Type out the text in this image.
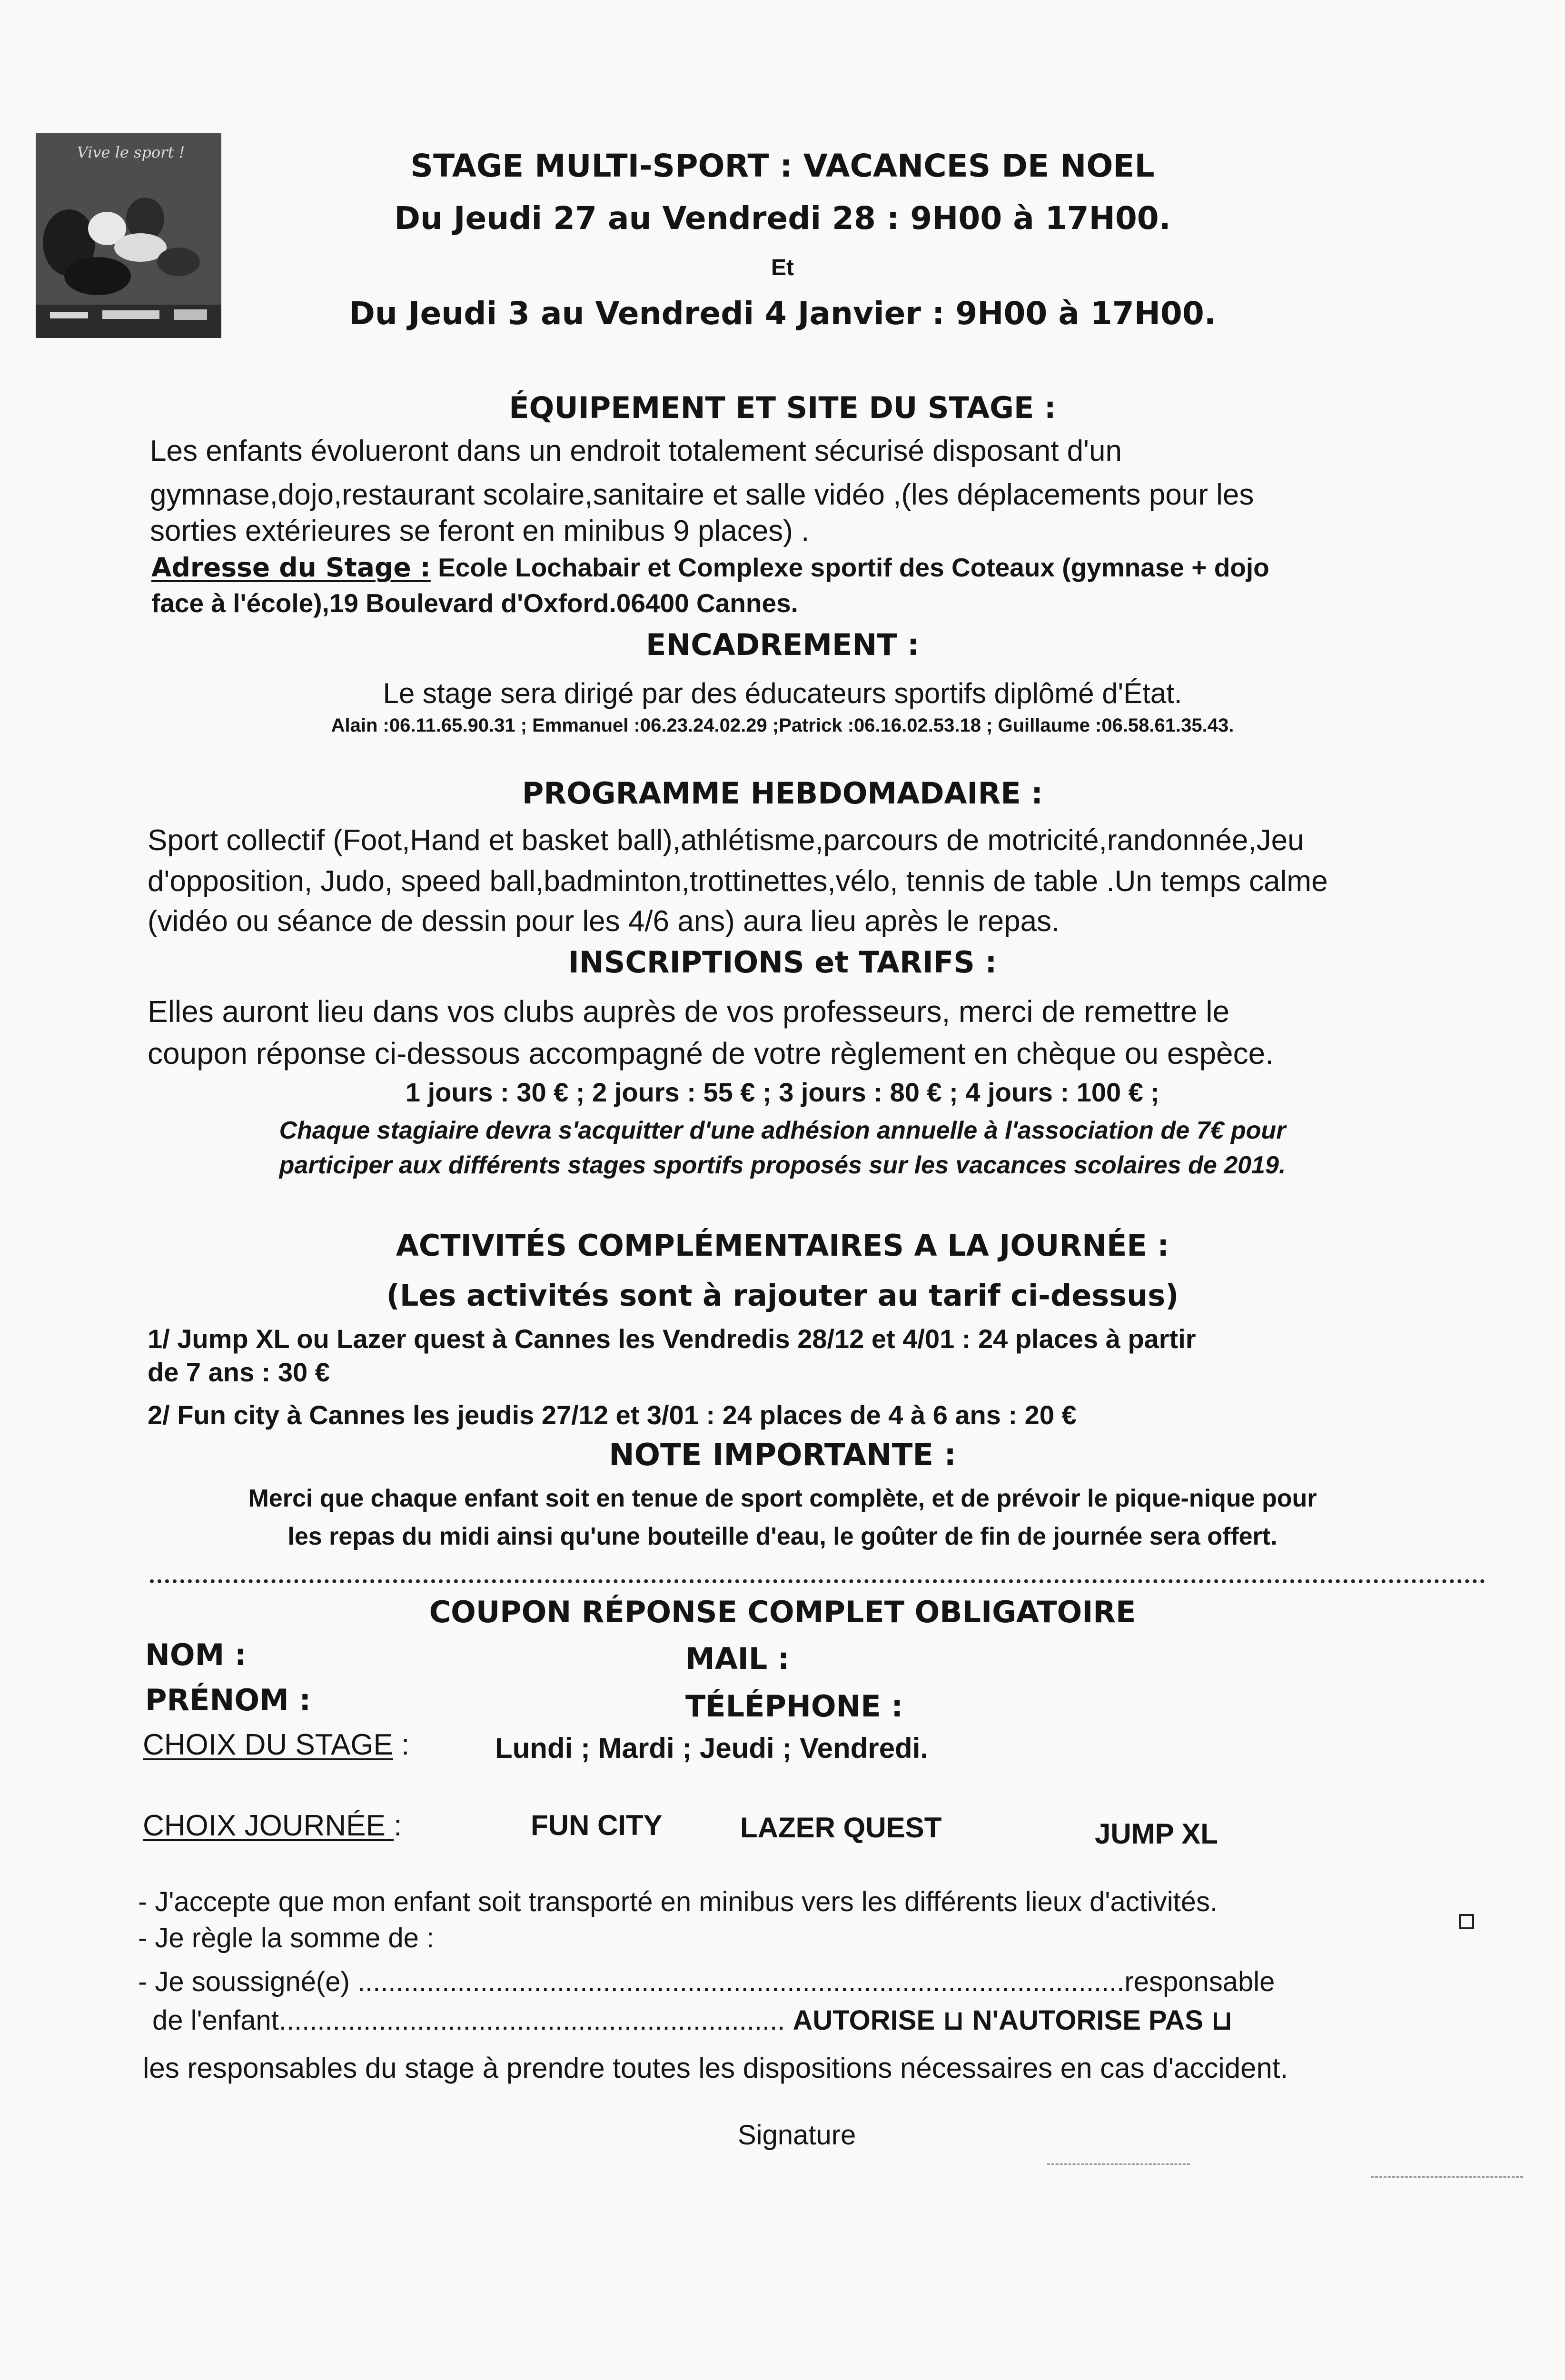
Vive le sport !	STAGE MULTI-SPORT : VACANCES DE NOEL
Du Jeudi 27 au Vendredi 28 : 9H00 à 17H00.
Et
Du Jeudi 3 au Vendredi 4 Janvier : 9H00 à 17H00.
ÉQUIPEMENT ET SITE DU STAGE :
Les enfants évolueront dans un endroit totalement sécurisé disposant d'un
gymnase,dojo,restaurant scolaire,sanitaire et salle vidéo ,(les déplacements pour les
sorties extérieures se feront en minibus 9 places) .
Adresse du Stage : Ecole Lochabair et Complexe sportif des Coteaux (gymnase + dojo
face à l'école),19 Boulevard d'Oxford.06400 Cannes.
ENCADREMENT :
Le stage sera dirigé par des éducateurs sportifs diplômé d'État.
Alain :06.11.65.90.31 ; Emmanuel :06.23.24.02.29 ;Patrick :06.16.02.53.18 ; Guillaume :06.58.61.35.43.
PROGRAMME HEBDOMADAIRE :
Sport collectif (Foot,Hand et basket ball),athlétisme,parcours de motricité,randonnée,Jeu
d'opposition, Judo, speed ball,badminton,trottinettes,vélo, tennis de table .Un temps calme
(vidéo ou séance de dessin pour les 4/6 ans) aura lieu après le repas.
INSCRIPTIONS et TARIFS :
Elles auront lieu dans vos clubs auprès de vos professeurs, merci de remettre le
coupon réponse ci-dessous accompagné de votre règlement en chèque ou espèce.
1 jours : 30 € ; 2 jours : 55 € ; 3 jours : 80 € ; 4 jours : 100 € ;
Chaque stagiaire devra s'acquitter d'une adhésion annuelle à l'association de 7€ pour
participer aux différents stages sportifs proposés sur les vacances scolaires de 2019.
ACTIVITÉS COMPLÉMENTAIRES A LA JOURNÉE :
(Les activités sont à rajouter au tarif ci-dessus)
1/ Jump XL ou Lazer quest à Cannes les Vendredis 28/12 et 4/01 : 24 places à partir
de 7 ans : 30 €
2/ Fun city à Cannes les jeudis 27/12 et 3/01 : 24 places de 4 à 6 ans : 20 €
NOTE IMPORTANTE :
Merci que chaque enfant soit en tenue de sport complète, et de prévoir le pique-nique pour
les repas du midi ainsi qu'une bouteille d'eau, le goûter de fin de journée sera offert.
COUPON RÉPONSE COMPLET OBLIGATOIRE
NOM :	MAIL :
PRÉNOM :	TÉLÉPHONE :
CHOIX DU STAGE :	Lundi ; Mardi ; Jeudi ; Vendredi.
CHOIX JOURNÉE :	FUN CITY	LAZER QUEST	JUMP XL
- J'accepte que mon enfant soit transporté en minibus vers les différents lieux d'activités.
- Je règle la somme de :
- Je soussigné(e) ....................................................................................................responsable
de l'enfant.................................................................. AUTORISE ⊔ N'AUTORISE PAS ⊔
les responsables du stage à prendre toutes les dispositions nécessaires en cas d'accident.
Signature
